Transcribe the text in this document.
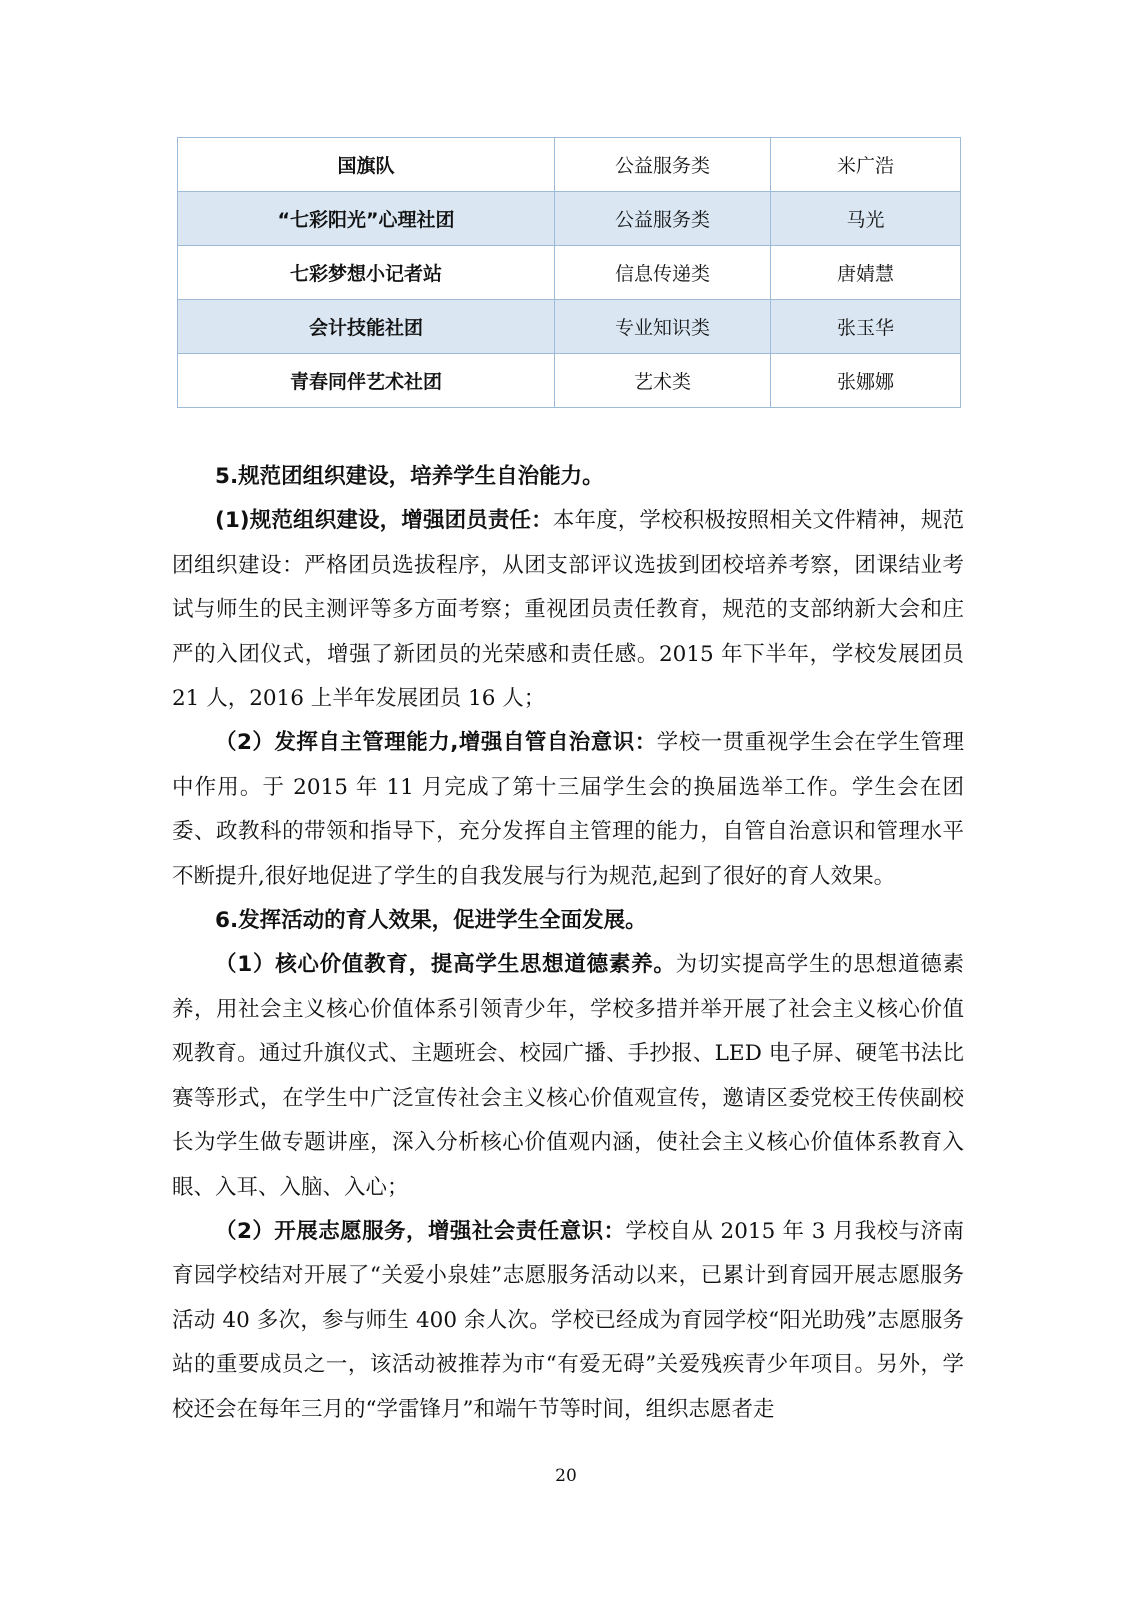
国旗队	公益服务类	米广浩
“七彩阳光”心理社团	公益服务类	马光
七彩梦想小记者站	信息传递类	唐婧慧
会计技能社团	专业知识类	张玉华
青春同伴艺术社团	艺术类	张娜娜

5.规范团组织建设，培养学生自治能力。

(1)规范组织建设，增强团员责任：本年度，学校积极按照相关文件精神，规范团组织建设：严格团员选拔程序，从团支部评议选拔到团校培养考察，团课结业考试与师生的民主测评等多方面考察；重视团员责任教育，规范的支部纳新大会和庄严的入团仪式，增强了新团员的光荣感和责任感。2015 年下半年，学校发展团员 21 人，2016 上半年发展团员 16 人；

（2）发挥自主管理能力,增强自管自治意识：学校一贯重视学生会在学生管理中作用。于 2015 年 11 月完成了第十三届学生会的换届选举工作。学生会在团委、政教科的带领和指导下，充分发挥自主管理的能力，自管自治意识和管理水平不断提升,很好地促进了学生的自我发展与行为规范,起到了很好的育人效果。

6.发挥活动的育人效果，促进学生全面发展。

（1）核心价值教育，提高学生思想道德素养。为切实提高学生的思想道德素养，用社会主义核心价值体系引领青少年，学校多措并举开展了社会主义核心价值观教育。通过升旗仪式、主题班会、校园广播、手抄报、LED 电子屏、硬笔书法比赛等形式，在学生中广泛宣传社会主义核心价值观宣传，邀请区委党校王传侠副校长为学生做专题讲座，深入分析核心价值观内涵，使社会主义核心价值体系教育入眼、入耳、入脑、入心；

（2）开展志愿服务，增强社会责任意识：学校自从 2015 年 3 月我校与济南育园学校结对开展了“关爱小泉娃”志愿服务活动以来，已累计到育园开展志愿服务活动 40 多次，参与师生 400 余人次。学校已经成为育园学校“阳光助残”志愿服务站的重要成员之一，该活动被推荐为市“有爱无碍”关爱残疾青少年项目。另外，学校还会在每年三月的“学雷锋月”和端午节等时间，组织志愿者走

20
